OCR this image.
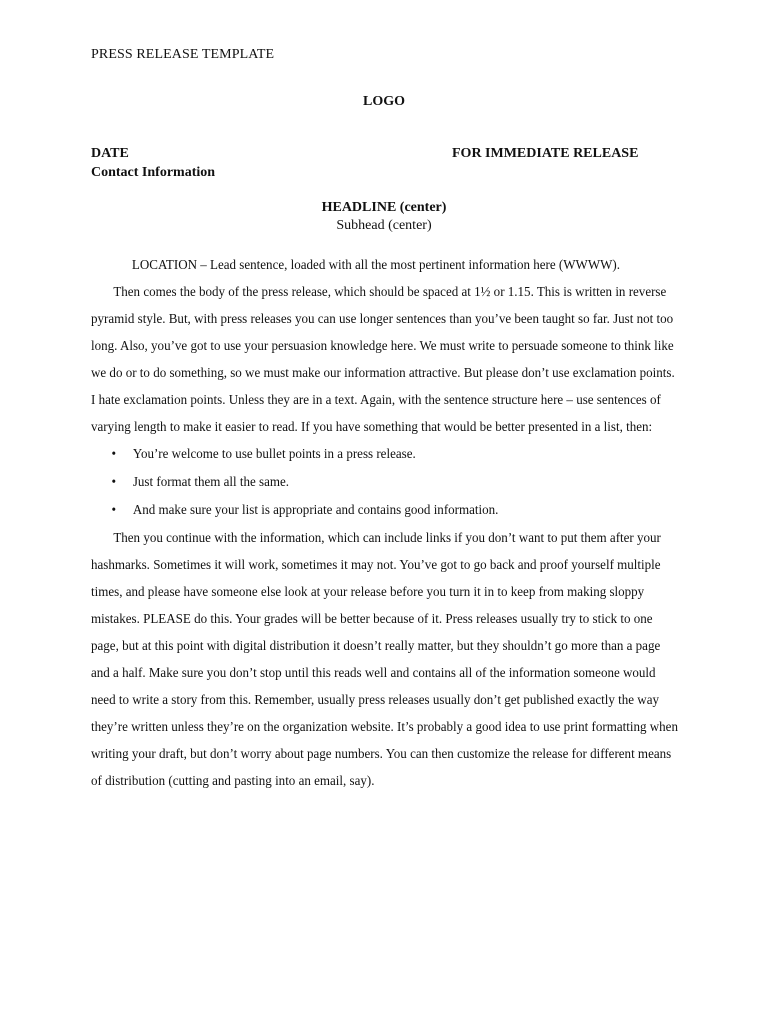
PRESS RELEASE TEMPLATE
LOGO
DATE	FOR IMMEDIATE RELEASE
Contact Information
HEADLINE (center)
Subhead (center)

LOCATION – Lead sentence, loaded with all the most pertinent information here (WWWW).

Then comes the body of the press release, which should be spaced at 1½ or 1.15. This is written in reverse pyramid style. But, with press releases you can use longer sentences than you’ve been taught so far. Just not too long. Also, you’ve got to use your persuasion knowledge here. We must write to persuade someone to think like we do or to do something, so we must make our information attractive. But please don’t use exclamation points. I hate exclamation points. Unless they are in a text. Again, with the sentence structure here – use sentences of varying length to make it easier to read. If you have something that would be better presented in a list, then:

• You’re welcome to use bullet points in a press release.
• Just format them all the same.
• And make sure your list is appropriate and contains good information.

Then you continue with the information, which can include links if you don’t want to put them after your hashmarks. Sometimes it will work, sometimes it may not. You’ve got to go back and proof yourself multiple times, and please have someone else look at your release before you turn it in to keep from making sloppy mistakes. PLEASE do this. Your grades will be better because of it. Press releases usually try to stick to one page, but at this point with digital distribution it doesn’t really matter, but they shouldn’t go more than a page and a half. Make sure you don’t stop until this reads well and contains all of the information someone would need to write a story from this. Remember, usually press releases usually don’t get published exactly the way they’re written unless they’re on the organization website. It’s probably a good idea to use print formatting when writing your draft, but don’t worry about page numbers. You can then customize the release for different means of distribution (cutting and pasting into an email, say).
